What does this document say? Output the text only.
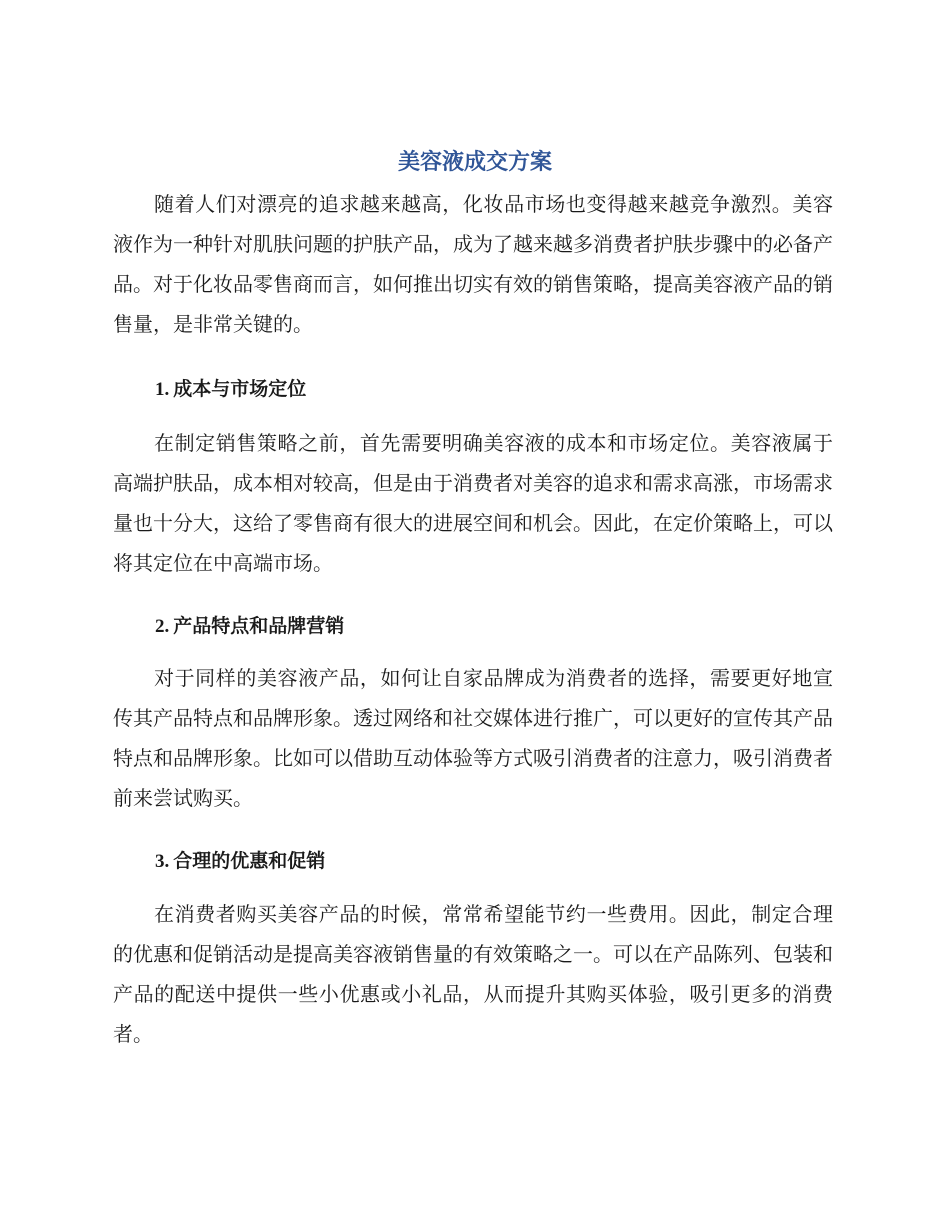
美容液成交方案

随着人们对漂亮的追求越来越高，化妆品市场也变得越来越竞争激烈。美容液作为一种针对肌肤问题的护肤产品，成为了越来越多消费者护肤步骤中的必备产品。对于化妆品零售商而言，如何推出切实有效的销售策略，提高美容液产品的销售量，是非常关键的。

1. 成本与市场定位

在制定销售策略之前，首先需要明确美容液的成本和市场定位。美容液属于高端护肤品，成本相对较高，但是由于消费者对美容的追求和需求高涨，市场需求量也十分大，这给了零售商有很大的进展空间和机会。因此，在定价策略上，可以将其定位在中高端市场。

2. 产品特点和品牌营销

对于同样的美容液产品，如何让自家品牌成为消费者的选择，需要更好地宣传其产品特点和品牌形象。透过网络和社交媒体进行推广，可以更好的宣传其产品特点和品牌形象。比如可以借助互动体验等方式吸引消费者的注意力，吸引消费者前来尝试购买。

3. 合理的优惠和促销

在消费者购买美容产品的时候，常常希望能节约一些费用。因此，制定合理的优惠和促销活动是提高美容液销售量的有效策略之一。可以在产品陈列、包装和产品的配送中提供一些小优惠或小礼品，从而提升其购买体验，吸引更多的消费者。
